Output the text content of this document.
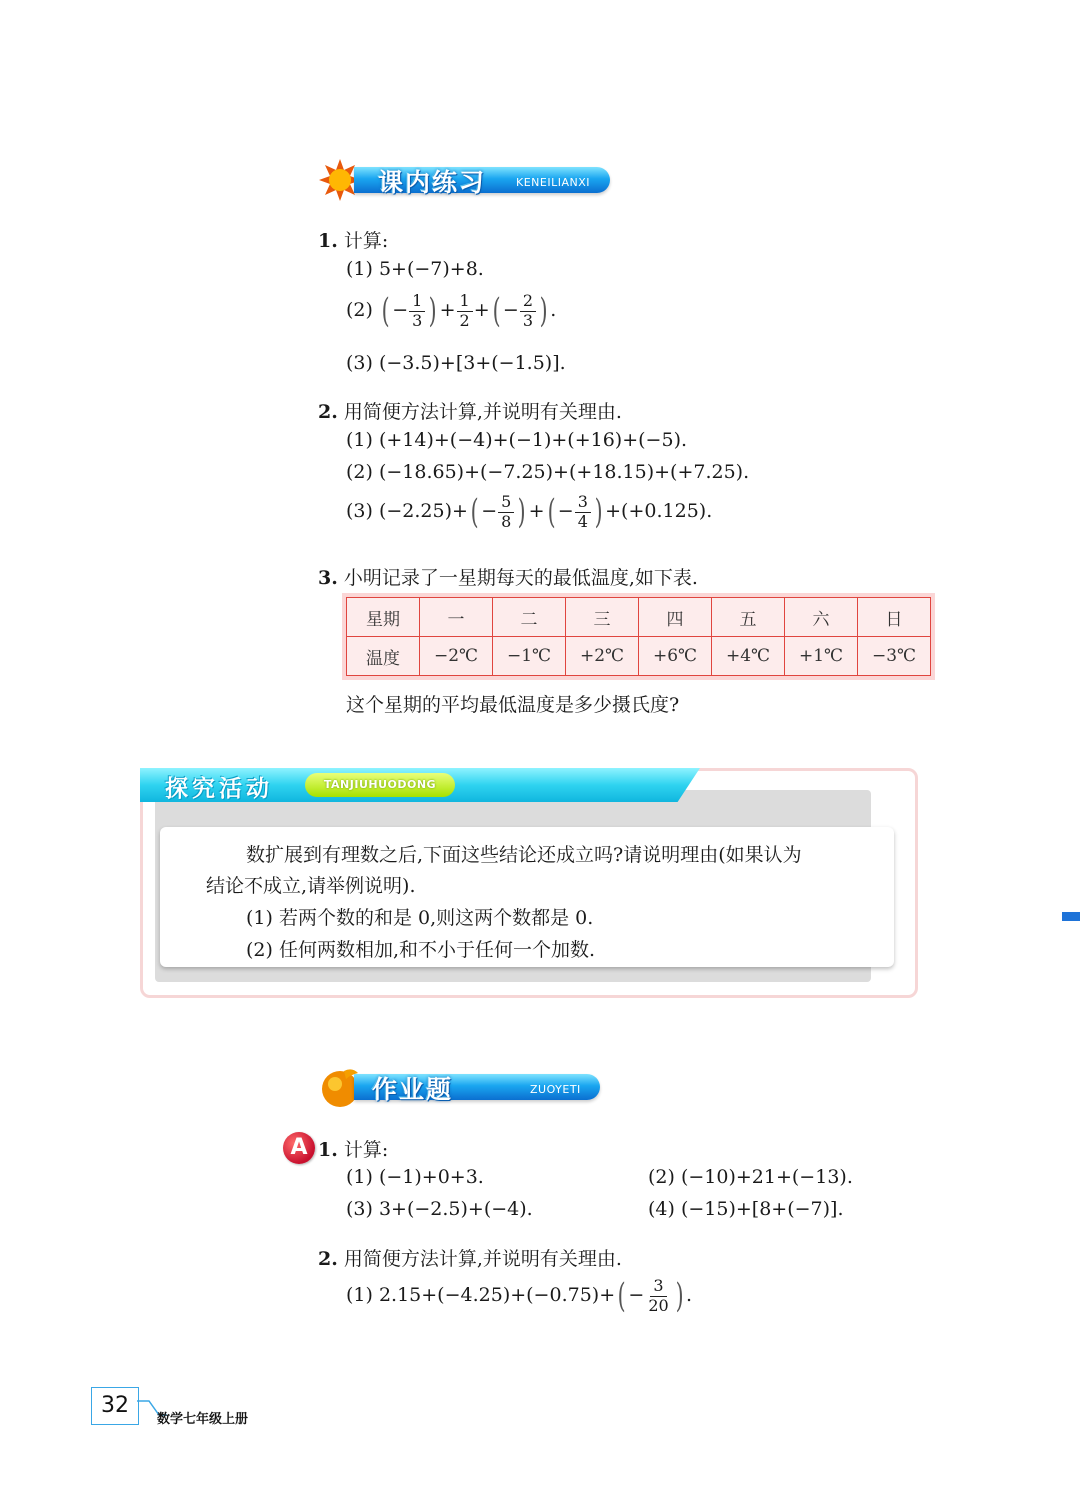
课内练习	KENEILIANXI
1. 计算:
(1) 5+(−7)+8.
(2) ( − $\frac{1}{3}$ ) + $\frac{1}{2}$ +( − $\frac{2}{3}$ ) .
(3) (−3.5)+[3+(−1.5)].
2. 用简便方法计算,并说明有关理由.
(1) (+14)+(−4)+(−1)+(+16)+(−5).
(2) (−18.65)+(−7.25)+(+18.15)+(+7.25).
(3) $(-2.25)+( - \frac{5}{8}$ ) +( − $\frac{3}{4}$ ) +(+0.125).
3. 小明记录了一星期每天的最低温度,如下表.
星期	一	二	三	四	五	六	日
温度	−2℃	−1℃	+2℃	+6℃	+4℃	+1℃	−3℃
这个星期的平均最低温度是多少摄氏度?
探究活动	TANJIUHUODONG
数扩展到有理数之后,下面这些结论还成立吗?请说明理由(如果认为
结论不成立,请举例说明).
(1) 若两个数的和是 0,则这两个数都是 0.
(2) 任何两数相加,和不小于任何一个加数.
作业题	ZUOYETI
A 1. 计算:
(1) (−1)+0+3.	(2) (−10)+21+(−13).
(3) 3+(−2.5)+(−4).	(4) (−15)+[8+(−7)].
2. 用简便方法计算,并说明有关理由.
(1) $2.15+(-4.25)+(-0.75)+( - \frac{3}{20}$ ) .
32
数学七年级上册
